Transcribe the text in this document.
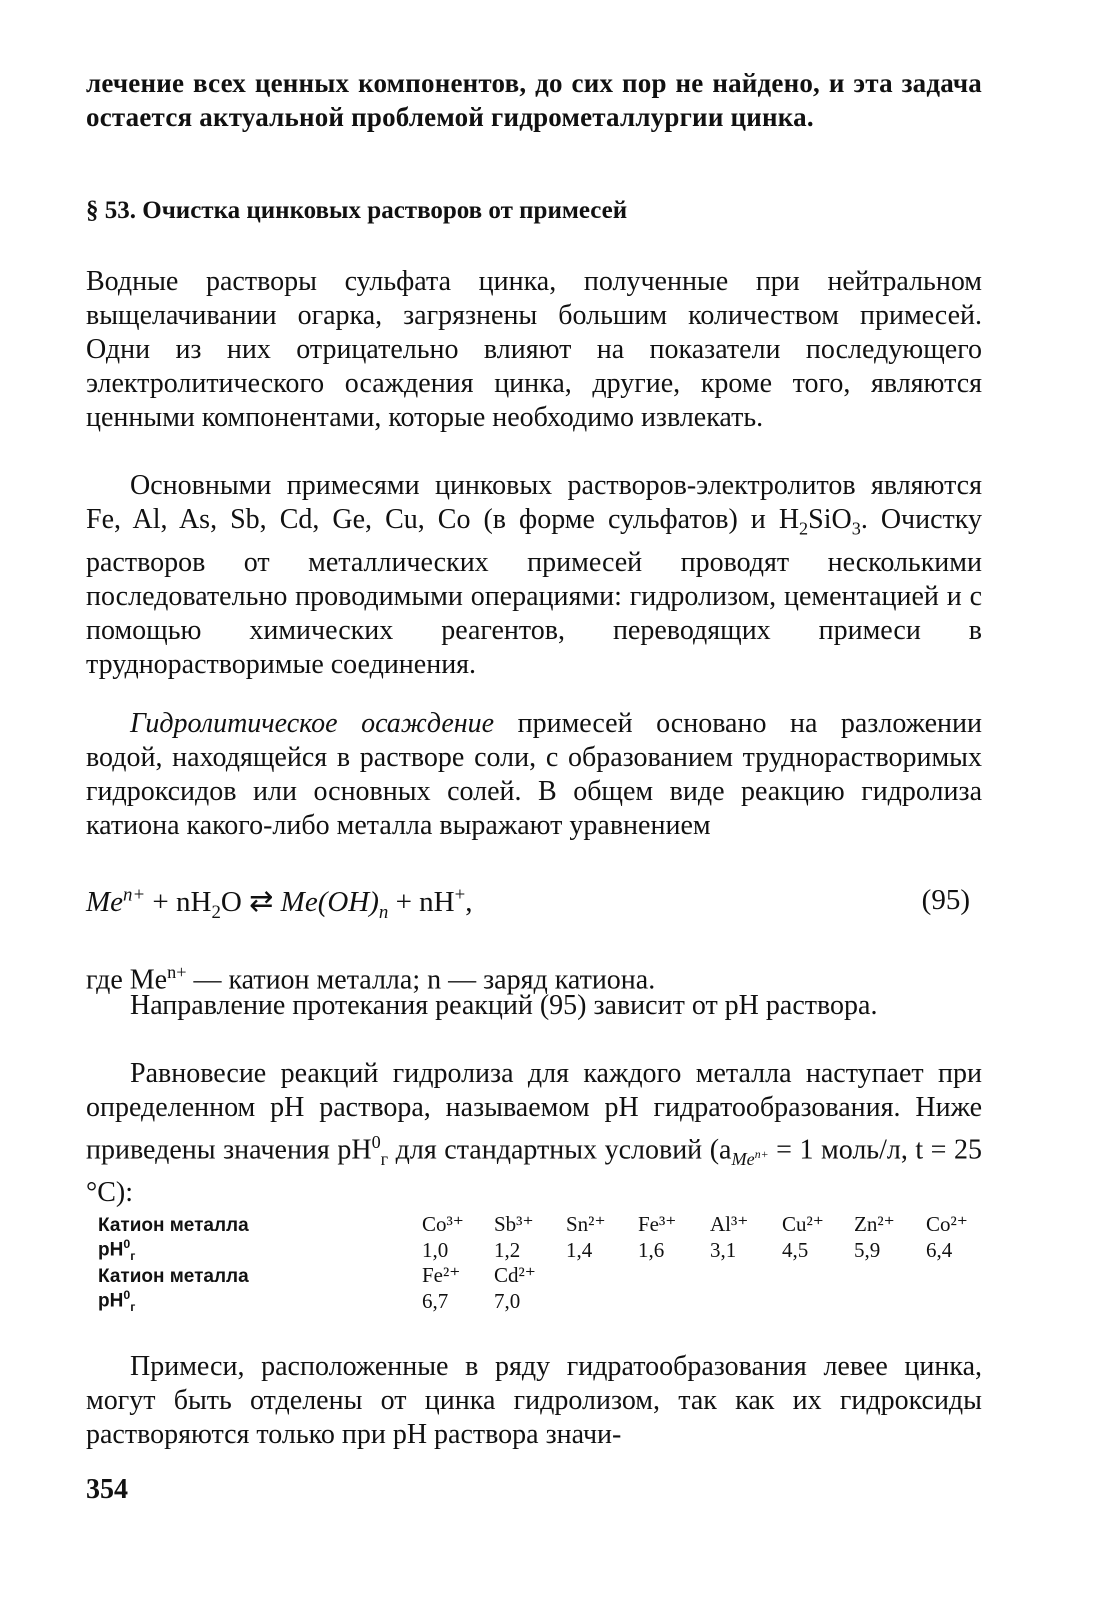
лечение всех ценных компонентов, до сих пор не найдено, и эта задача остается актуальной проблемой гидрометаллургии цинка.

§ 53. Очистка цинковых растворов от примесей

Водные растворы сульфата цинка, полученные при нейтральном выщелачивании огарка, загрязнены большим количеством примесей. Одни из них отрицательно влияют на показатели последующего электролитического осаждения цинка, другие, кроме того, являются ценными компонентами, которые необходимо извлекать.

Основными примесями цинковых растворов-электролитов являются Fe, Al, As, Sb, Cd, Ge, Cu, Co (в форме сульфатов) и $H_2SiO_3$. Очистку растворов от металлических примесей проводят несколькими последовательно проводимыми операциями: гидролизом, цементацией и с помощью химических реагентов, переводящих примеси в труднорастворимые соединения.

Гидролитическое осаждение примесей основано на разложении водой, находящейся в растворе соли, с образованием труднорастворимых гидроксидов или основных солей. В общем виде реакцию гидролиза катиона какого-либо металла выражают уравнением

$Me^{n+} + nH_2O$ ⇄ $Me(OH)_n + nH^+$,	(95)

где $Me^{n+}$ — катион металла; n — заряд катиона.

Направление протекания реакций (95) зависит от pH раствора.

Равновесие реакций гидролиза для каждого металла наступает при определенном pH раствора, называемом pH гидратообразования. Ниже приведены значения $pH^0_г$ для стандартных условий ($a_{Me^{n+}} = 1$ моль/л, t = 25 °С):

Катион металла	Co³⁺	Sb³⁺	Sn²⁺	Fe³⁺	Al³⁺	Cu²⁺	Zn²⁺	Co²⁺
$pH^0_г$	1,0	1,2	1,4	1,6	3,1	4,5	5,9	6,4
Катион металла	Fe²⁺	Cd²⁺						
$pH^0_г$	6,7	7,0						

Примеси, расположенные в ряду гидратообразования левее цинка, могут быть отделены от цинка гидролизом, так как их гидроксиды растворяются только при pH раствора значи-

354
